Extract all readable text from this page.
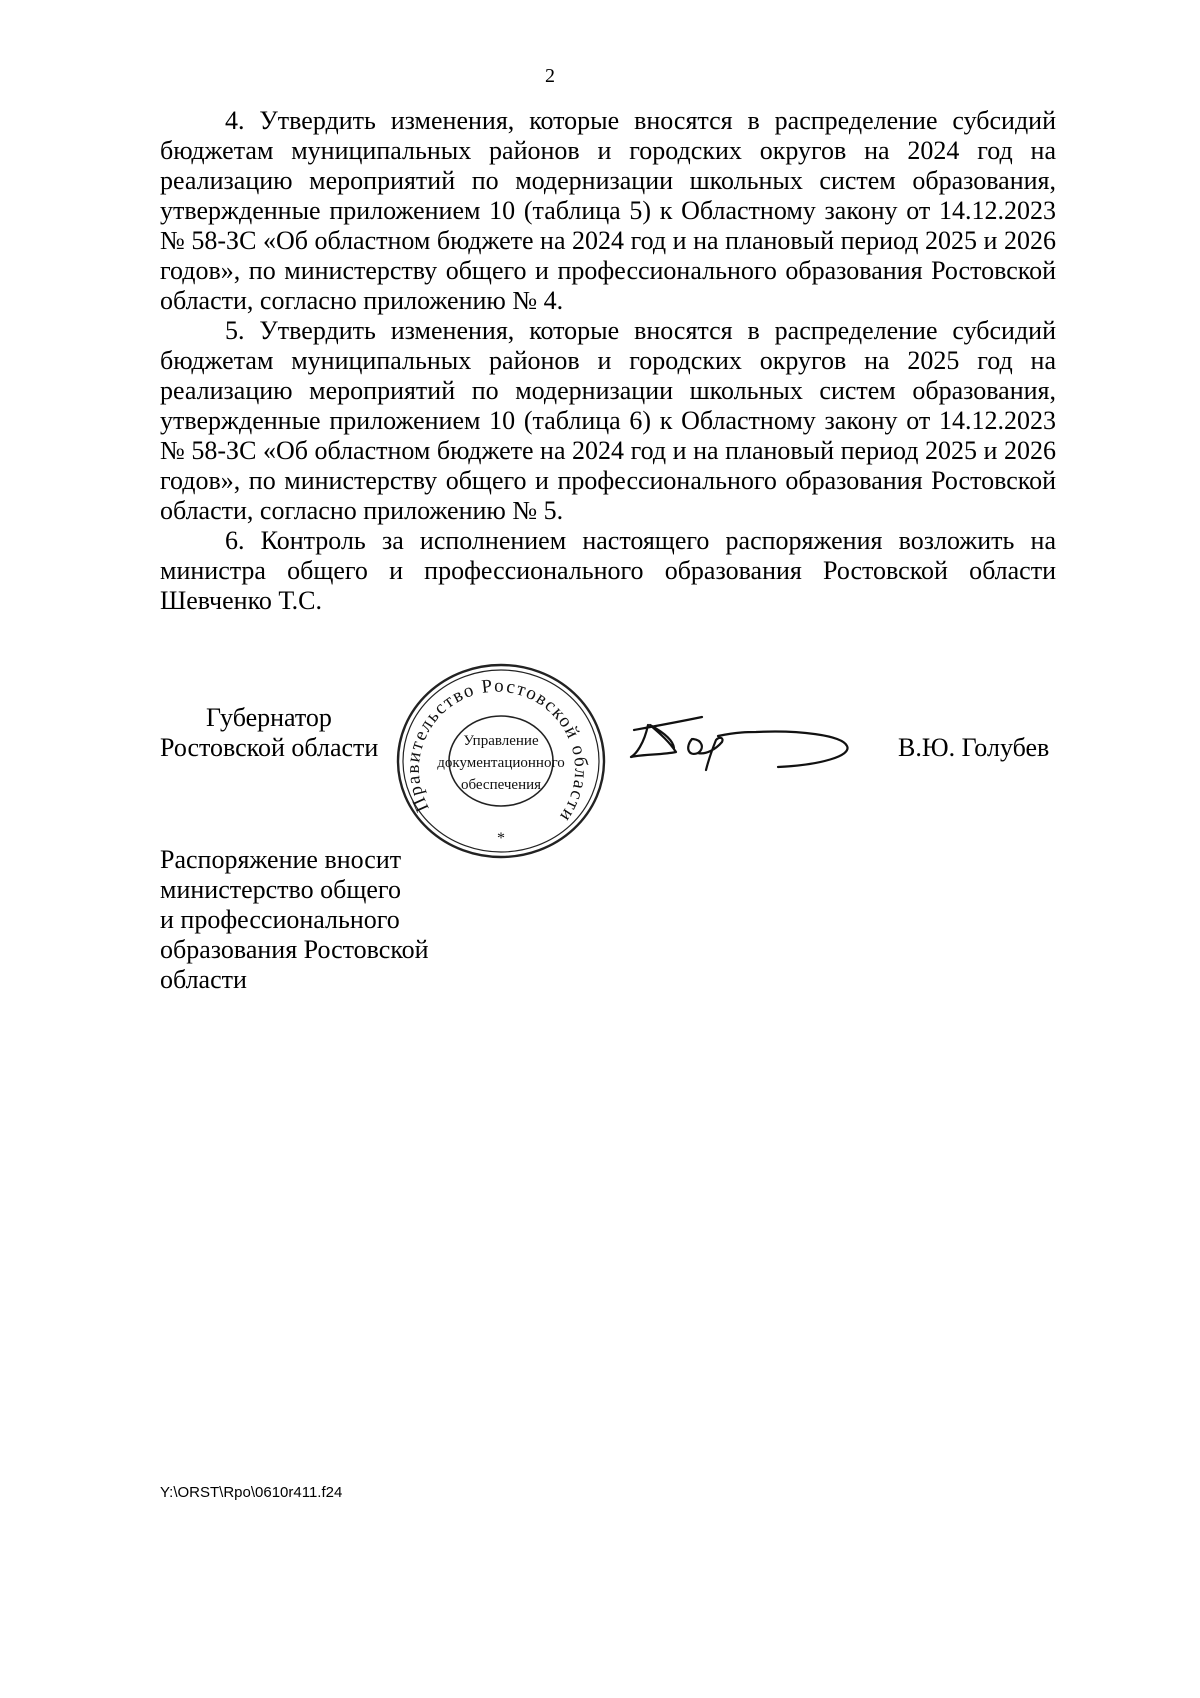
2

4. Утвердить изменения, которые вносятся в распределение субсидий бюджетам муниципальных районов и городских округов на 2024 год на реализацию мероприятий по модернизации школьных систем образования, утвержденные приложением 10 (таблица 5) к Областному закону от 14.12.2023 № 58-ЗС «Об областном бюджете на 2024 год и на плановый период 2025 и 2026 годов», по министерству общего и профессионального образования Ростовской области, согласно приложению № 4.

5. Утвердить изменения, которые вносятся в распределение субсидий бюджетам муниципальных районов и городских округов на 2025 год на реализацию мероприятий по модернизации школьных систем образования, утвержденные приложением 10 (таблица 6) к Областному закону от 14.12.2023 № 58-ЗС «Об областном бюджете на 2024 год и на плановый период 2025 и 2026 годов», по министерству общего и профессионального образования Ростовской области, согласно приложению № 5.

6. Контроль за исполнением настоящего распоряжения возложить на министра общего и профессионального образования Ростовской области Шевченко Т.С.

Губернатор
Ростовской области
Правительство Ростовской области
Управление
документационного
обеспечения
*
В.Ю. Голубев
Распоряжение вносит
министерство общего
и профессионального
образования Ростовской
области
Y:\ORST\Rpo\0610r411.f24
